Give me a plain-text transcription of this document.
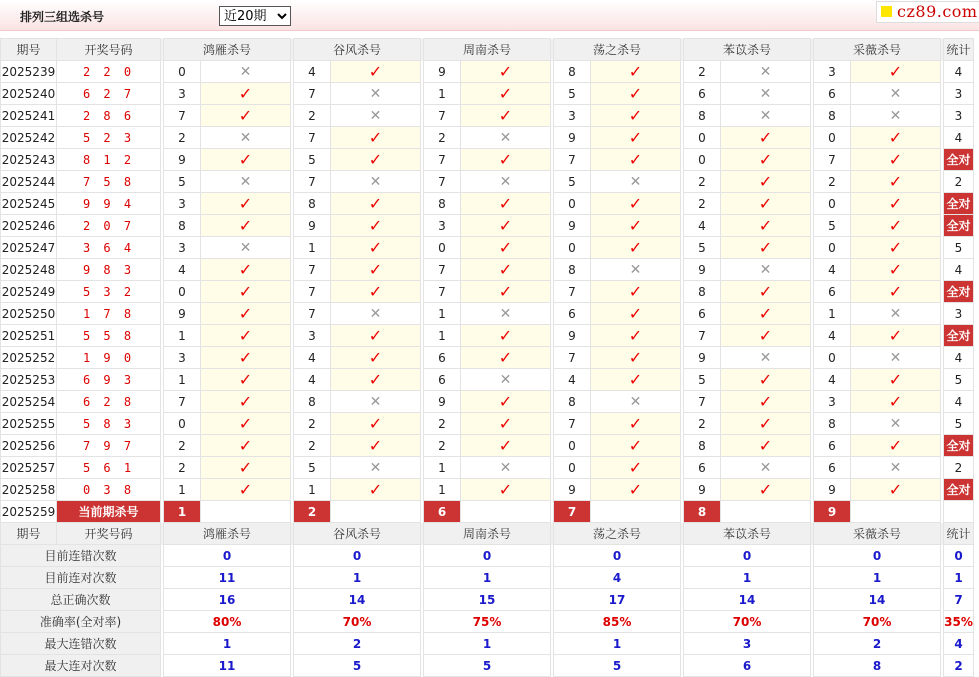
排列三组选杀号
近20期	cz89.com
期号	开奖号码		鸿雁杀号			谷风杀号			周南杀号			荡之杀号			苯苡杀号			采薇杀号			统计
2025239	2 2 0		0	✕		4	✓		9	✓		8	✓		2	✕		3	✓		4
2025240	6 2 7		3	✓		7	✕		1	✓		5	✓		6	✕		6	✕		3
2025241	2 8 6		7	✓		2	✕		7	✓		3	✓		8	✕		8	✕		3
2025242	5 2 3		2	✕		7	✓		2	✕		9	✓		0	✓		0	✓		4
2025243	8 1 2		9	✓		5	✓		7	✓		7	✓		0	✓		7	✓		全对
2025244	7 5 8		5	✕		7	✕		7	✕		5	✕		2	✓		2	✓		2
2025245	9 9 4		3	✓		8	✓		8	✓		0	✓		2	✓		0	✓		全对
2025246	2 0 7		8	✓		9	✓		3	✓		9	✓		4	✓		5	✓		全对
2025247	3 6 4		3	✕		1	✓		0	✓		0	✓		5	✓		0	✓		5
2025248	9 8 3		4	✓		7	✓		7	✓		8	✕		9	✕		4	✓		4
2025249	5 3 2		0	✓		7	✓		7	✓		7	✓		8	✓		6	✓		全对
2025250	1 7 8		9	✓		7	✕		1	✕		6	✓		6	✓		1	✕		3
2025251	5 5 8		1	✓		3	✓		1	✓		9	✓		7	✓		4	✓		全对
2025252	1 9 0		3	✓		4	✓		6	✓		7	✓		9	✕		0	✕		4
2025253	6 9 3		1	✓		4	✓		6	✕		4	✓		5	✓		4	✓		5
2025254	6 2 8		7	✓		8	✕		9	✓		8	✕		7	✓		3	✓		4
2025255	5 8 3		0	✓		2	✓		2	✓		7	✓		2	✓		8	✕		5
2025256	7 9 7		2	✓		2	✓		2	✓		0	✓		8	✓		6	✓		全对
2025257	5 6 1		2	✓		5	✕		1	✕		0	✓		6	✕		6	✕		2
2025258	0 3 8		1	✓		1	✓		1	✓		9	✓		9	✓		9	✓		全对
2025259	当前期杀号		1			2			6			7			8			9			
期号	开奖号码		鸿雁杀号			谷风杀号			周南杀号			荡之杀号			苯苡杀号			采薇杀号			统计
目前连错次数			0			0			0			0			0			0			0
目前连对次数			11			1			1			4			1			1			1
总正确次数			16			14			15			17			14			14			7
准确率(全对率)			80%			70%			75%			85%			70%			70%			35%
最大连错次数			1			2			1			1			3			2			4
最大连对次数			11			5			5			5			6			8			2
